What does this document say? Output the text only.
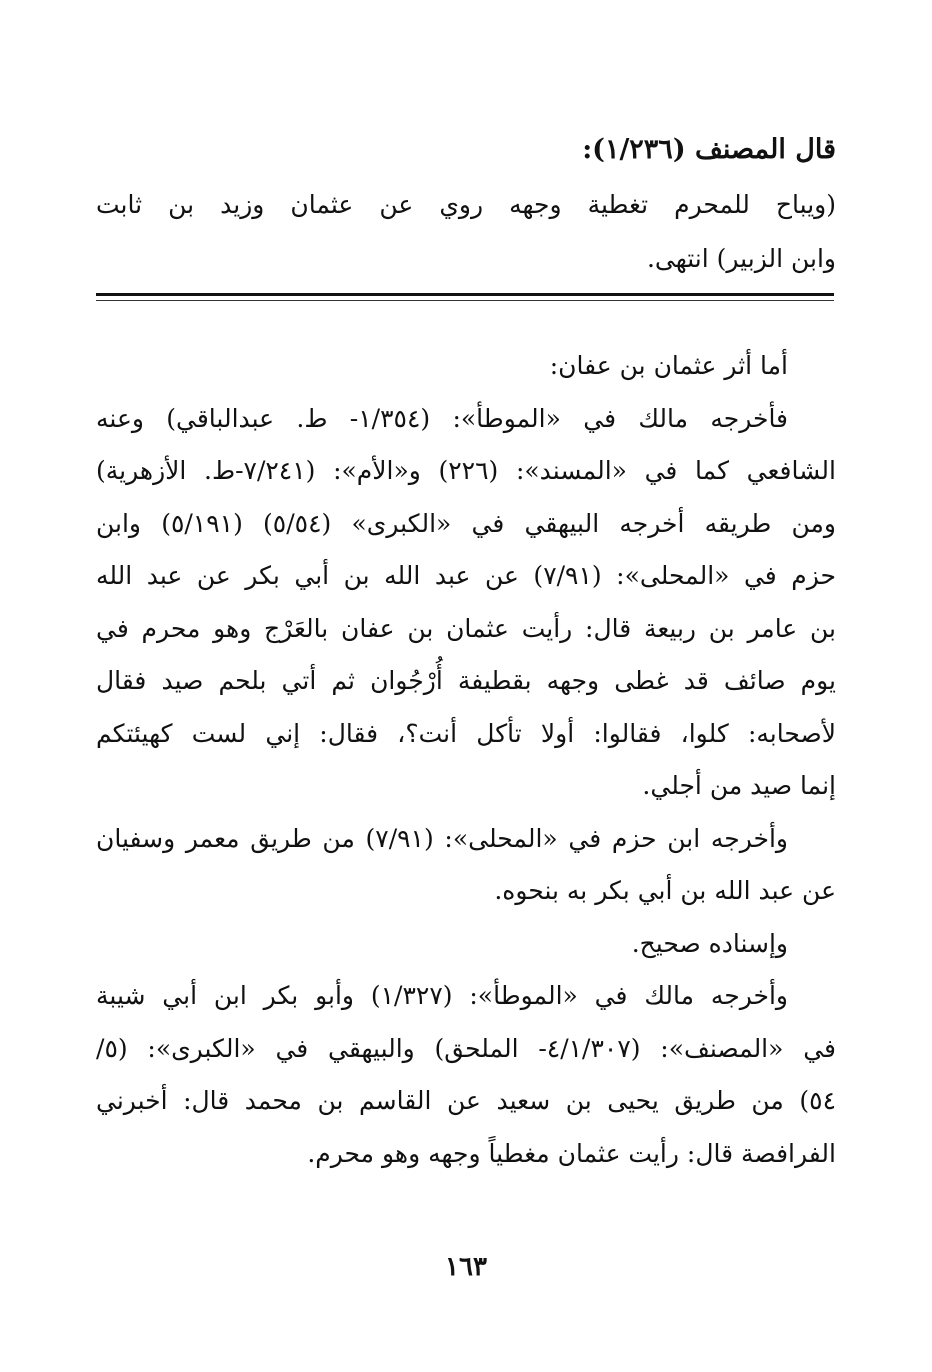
قال المصنف (١/٢٣٦):
(ويباح للمحرم تغطية وجهه روي عن عثمان وزيد بن ثابت
وابن الزبير) انتهى.
أما أثر عثمان بن عفان:
فأخرجه مالك في «الموطأ»: (١/٣٥٤- ط. عبدالباقي) وعنه
الشافعي كما في «المسند»: (٢٢٦) و«الأم»: (٧/٢٤١-ط. الأزهرية)
ومن طريقه أخرجه البيهقي في «الكبرى» (٥/٥٤) (٥/١٩١) وابن
حزم في «المحلى»: (٧/٩١) عن عبد الله بن أبي بكر عن عبد الله
بن عامر بن ربيعة قال: رأيت عثمان بن عفان بالعَرْج وهو محرم في
يوم صائف قد غطى وجهه بقطيفة أُرْجُوان ثم أتي بلحم صيد فقال
لأصحابه: كلوا، فقالوا: أولا تأكل أنت؟، فقال: إني لست كهيئتكم
إنما صيد من أجلي.
وأخرجه ابن حزم في «المحلى»: (٧/٩١) من طريق معمر وسفيان
عن عبد الله بن أبي بكر به بنحوه.
وإسناده صحيح.
وأخرجه مالك في «الموطأ»: (١/٣٢٧) وأبو بكر ابن أبي شيبة
في «المصنف»: (٤/١/٣٠٧- الملحق) والبيهقي في «الكبرى»: (٥/
٥٤) من طريق يحيى بن سعيد عن القاسم بن محمد قال: أخبرني
الفرافصة قال: رأيت عثمان مغطياً وجهه وهو محرم.
١٦٣
